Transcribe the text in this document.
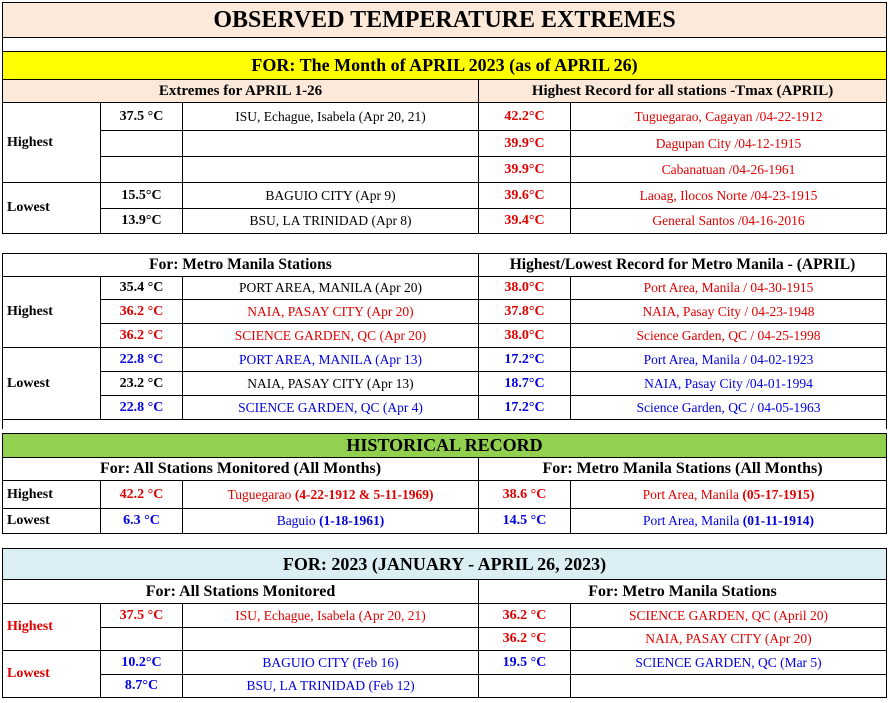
OBSERVED TEMPERATURE EXTREMES				

FOR: The Month of APRIL 2023 (as of APRIL 26)				
Extremes for APRIL 1-26			Highest Record for all stations -Tmax (APRIL)	
Highest	37.5 °C	ISU, Echague, Isabela (Apr 20, 21)	42.2°C	Tuguegarao, Cagayan /04-22-1912
			39.9°C	Dagupan City /04-12-1915
			39.9°C	Cabanatuan /04-26-1961
Lowest	15.5°C	BAGUIO CITY (Apr 9)	39.6°C	Laoag, Ilocos Norte /04-23-1915
	13.9°C	BSU, LA TRINIDAD (Apr 8)	39.4°C	General Santos /04-16-2016
For: Metro Manila Stations			Highest/Lowest Record for Metro Manila - (APRIL)	
Highest	35.4 °C	PORT AREA, MANILA (Apr 20)	38.0°C	Port Area, Manila / 04-30-1915
	36.2 °C	NAIA, PASAY CITY (Apr 20)	37.8°C	NAIA, Pasay City / 04-23-1948
	36.2 °C	SCIENCE GARDEN, QC (Apr 20)	38.0°C	Science Garden, QC / 04-25-1998
Lowest	22.8 °C	PORT AREA, MANILA (Apr 13)	17.2°C	Port Area, Manila / 04-02-1923
	23.2 °C	NAIA, PASAY CITY (Apr 13)	18.7°C	NAIA, Pasay City /04-01-1994
	22.8 °C	SCIENCE GARDEN, QC (Apr 4)	17.2°C	Science Garden, QC / 04-05-1963

HISTORICAL RECORD				
For: All Stations Monitored (All Months)			For: Metro Manila Stations (All Months)	
Highest	42.2 °C	Tuguegarao (4-22-1912 & 5-11-1969)	38.6 °C	Port Area, Manila (05-17-1915)
Lowest	6.3 °C	Baguio (1-18-1961)	14.5 °C	Port Area, Manila (01-11-1914)
FOR: 2023 (JANUARY - APRIL 26, 2023)				
For: All Stations Monitored			For: Metro Manila Stations	
Highest	37.5 °C	ISU, Echague, Isabela (Apr 20, 21)	36.2 °C	SCIENCE GARDEN, QC (April 20)
			36.2 °C	NAIA, PASAY CITY (Apr 20)
Lowest	10.2°C	BAGUIO CITY (Feb 16)	19.5 °C	SCIENCE GARDEN, QC (Mar 5)
	8.7°C	BSU, LA TRINIDAD (Feb 12)		
